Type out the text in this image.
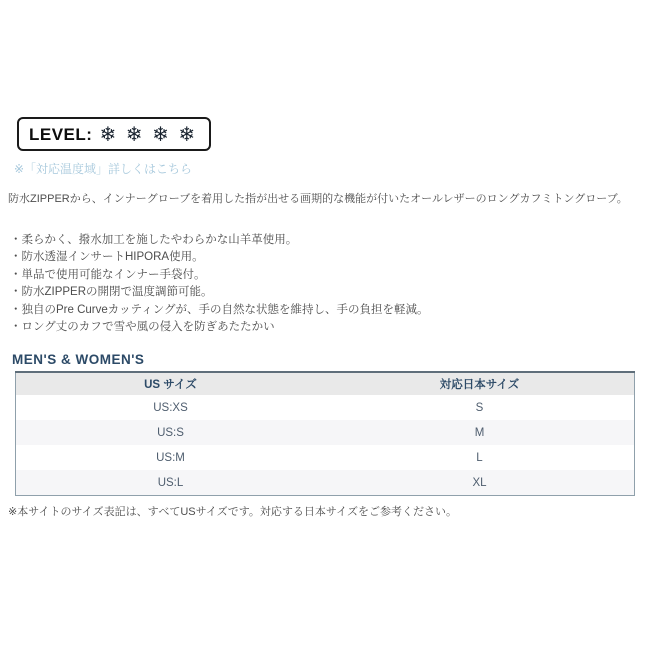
LEVEL: ❄ ❄ ❄ ❄
※「対応温度域」詳しくはこちら

防水ZIPPERから、インナーグローブを着用した指が出せる画期的な機能が付いたオールレザーのロングカフミトングローブ。

・柔らかく、撥水加工を施したやわらかな山羊革使用。
・防水透湿インサートHIPORA使用。
・単品で使用可能なインナー手袋付。
・防水ZIPPERの開閉で温度調節可能。
・独自のPre Curveカッティングが、手の自然な状態を維持し、手の負担を軽減。
・ロング丈のカフで雪や風の侵入を防ぎあたたかい
MEN'S & WOMEN'S
US サイズ	対応日本サイズ
US:XS	S
US:S	M
US:M	L
US:L	XL

※本サイトのサイズ表記は、すべてUSサイズです。対応する日本サイズをご参考ください。
